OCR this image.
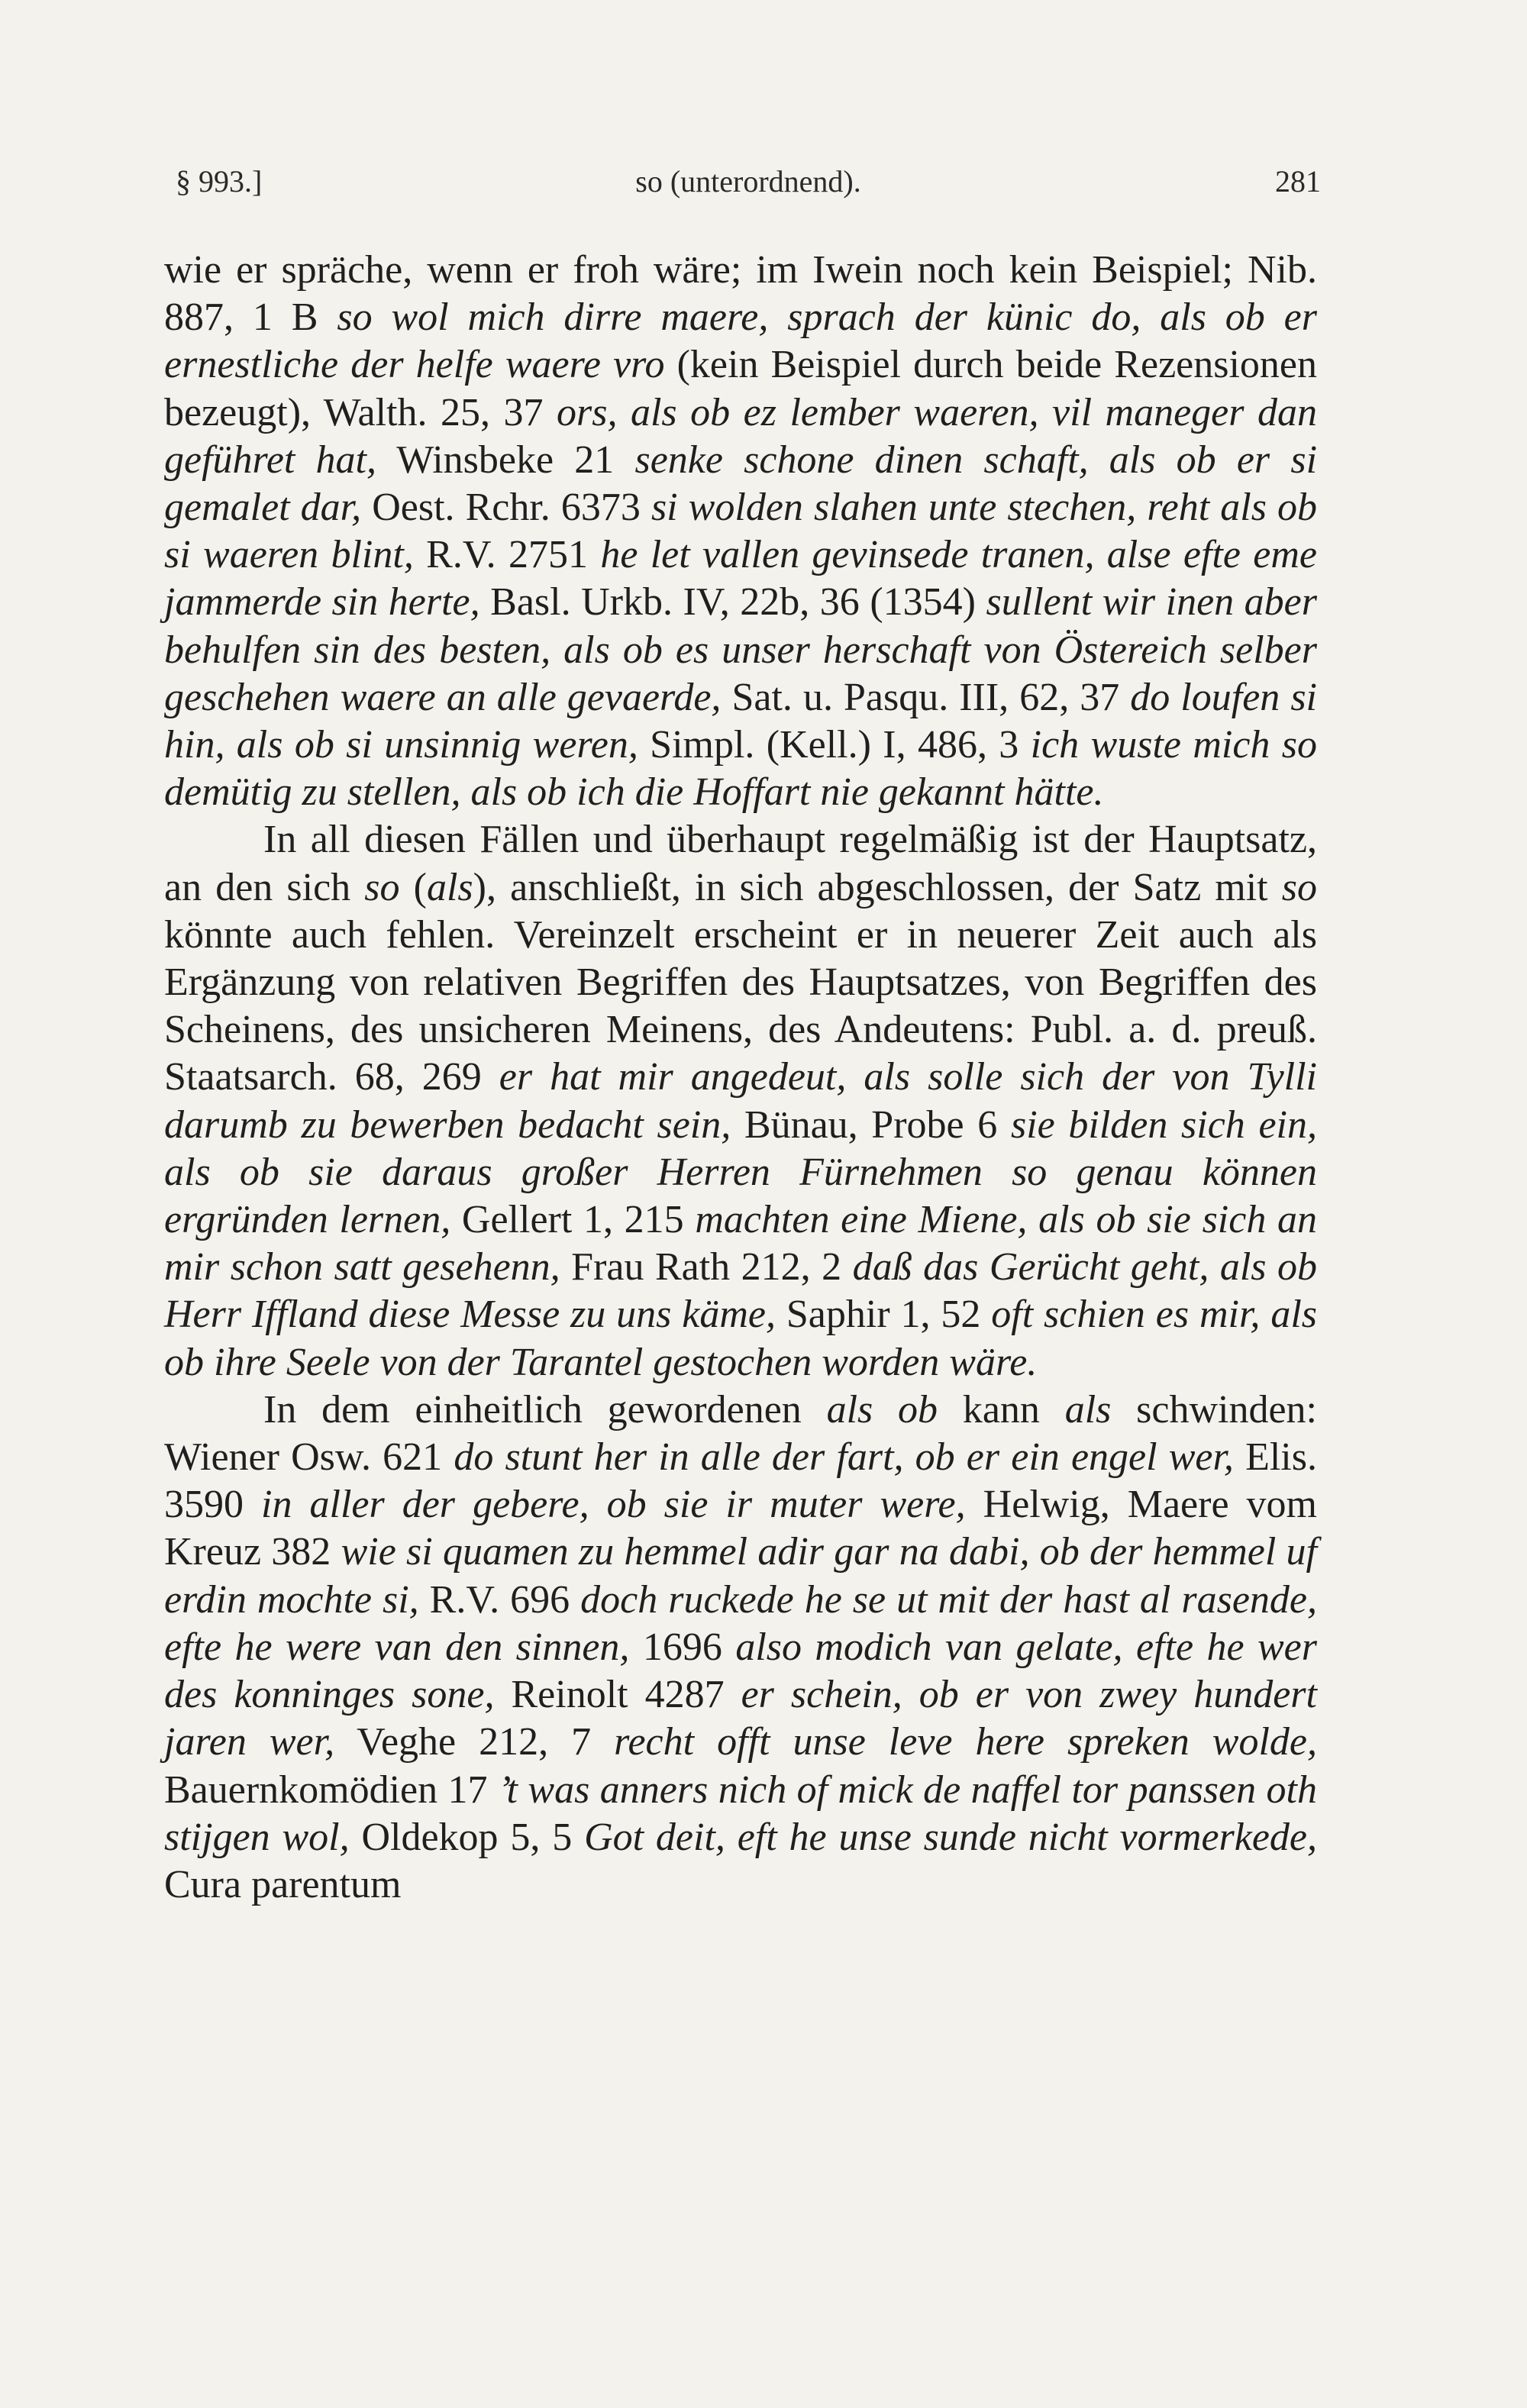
§ 993.]	so (unterordnend).	281

wie er spräche, wenn er froh wäre; im Iwein noch kein Beispiel; Nib. 887, 1 B so wol mich dirre maere, sprach der künic do, als ob er ernestliche der helfe waere vro (kein Beispiel durch beide Rezensionen bezeugt), Walth. 25, 37 ors, als ob ez lember waeren, vil maneger dan geführet hat, Winsbeke 21 senke schone dinen schaft, als ob er si gemalet dar, Oest. Rchr. 6373 si wolden slahen unte stechen, reht als ob si waeren blint, R.V. 2751 he let vallen gevinsede tranen, alse efte eme jammerde sin herte, Basl. Urkb. IV, 22b, 36 (1354) sullent wir inen aber behulfen sin des besten, als ob es unser herschaft von Östereich selber geschehen waere an alle gevaerde, Sat. u. Pasqu. III, 62, 37 do loufen si hin, als ob si unsinnig weren, Simpl. (Kell.) I, 486, 3 ich wuste mich so demütig zu stellen, als ob ich die Hoffart nie gekannt hätte.

In all diesen Fällen und überhaupt regelmäßig ist der Hauptsatz, an den sich so (als), anschließt, in sich abgeschlossen, der Satz mit so könnte auch fehlen. Vereinzelt erscheint er in neuerer Zeit auch als Ergänzung von relativen Begriffen des Hauptsatzes, von Begriffen des Scheinens, des unsicheren Meinens, des Andeutens: Publ. a. d. preuß. Staatsarch. 68, 269 er hat mir angedeut, als solle sich der von Tylli darumb zu bewerben bedacht sein, Bünau, Probe 6 sie bilden sich ein, als ob sie daraus großer Herren Fürnehmen so genau können ergründen lernen, Gellert 1, 215 machten eine Miene, als ob sie sich an mir schon satt gesehenn, Frau Rath 212, 2 daß das Gerücht geht, als ob Herr Iffland diese Messe zu uns käme, Saphir 1, 52 oft schien es mir, als ob ihre Seele von der Tarantel gestochen worden wäre.

In dem einheitlich gewordenen als ob kann als schwinden: Wiener Osw. 621 do stunt her in alle der fart, ob er ein engel wer, Elis. 3590 in aller der gebere, ob sie ir muter were, Helwig, Maere vom Kreuz 382 wie si quamen zu hemmel adir gar na dabi, ob der hemmel uf erdin mochte si, R.V. 696 doch ruckede he se ut mit der hast al rasende, efte he were van den sinnen, 1696 also modich van gelate, efte he wer des konninges sone, Reinolt 4287 er schein, ob er von zwey hundert jaren wer, Veghe 212, 7 recht offt unse leve here spreken wolde, Bauernkomödien 17 ’t was anners nich of mick de naffel tor panssen oth stijgen wol, Oldekop 5, 5 Got deit, eft he unse sunde nicht vormerkede, Cura parentum
